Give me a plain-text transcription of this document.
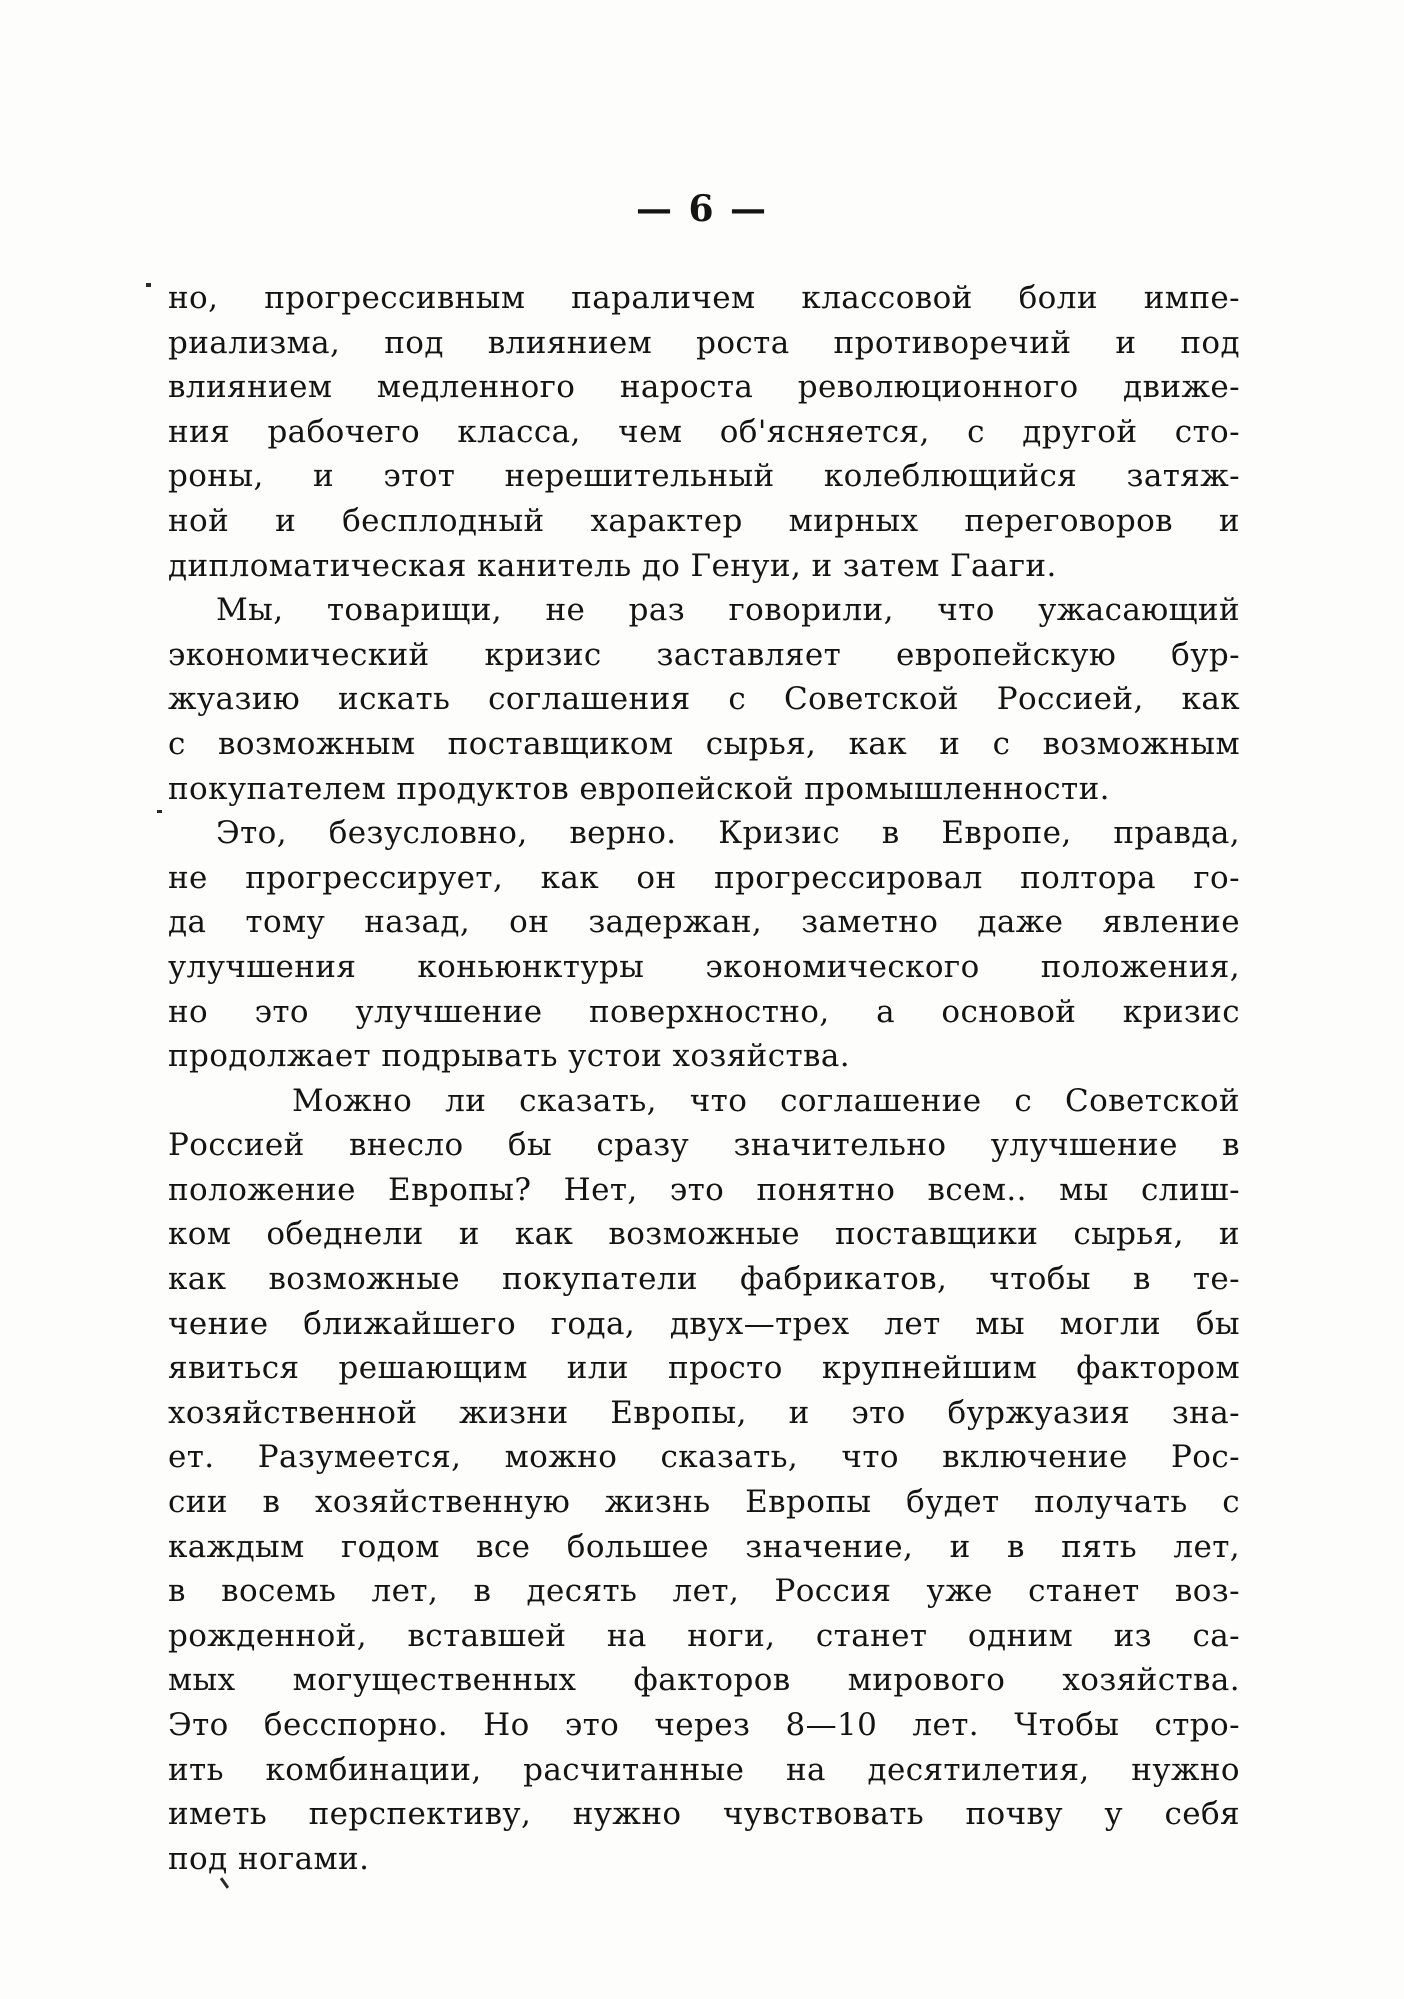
— 6 —
но, прогрессивным параличем классовой боли импе-
риализма, под влиянием роста противоречий и под
влиянием медленного нароста революционного движе-
ния рабочего класса, чем об'ясняется, с другой сто-
роны, и этот нерешительный колеблющийся затяж-
ной и бесплодный характер мирных переговоров и
дипломатическая канитель до Генуи, и затем Гааги.
Мы, товарищи, не раз говорили, что ужасающий
экономический кризис заставляет европейскую бур-
жуазию искать соглашения с Советской Россией, как
с возможным поставщиком сырья, как и с возможным
покупателем продуктов европейской промышленности.
Это, безусловно, верно. Кризис в Европе, правда,
не прогрессирует, как он прогрессировал полтора го-
да тому назад, он задержан, заметно даже явление
улучшения коньюнктуры экономического положения,
но это улучшение поверхностно, а основой кризис
продолжает подрывать устои хозяйства.
Можно ли сказать, что соглашение с Советской
Россией внесло бы сразу значительно улучшение в
положение Европы? Нет, это понятно всем.. мы слиш-
ком обеднели и как возможные поставщики сырья, и
как возможные покупатели фабрикатов, чтобы в те-
чение ближайшего года, двух—трех лет мы могли бы
явиться решающим или просто крупнейшим фактором
хозяйственной жизни Европы, и это буржуазия зна-
ет. Разумеется, можно сказать, что включение Рос-
сии в хозяйственную жизнь Европы будет получать с
каждым годом все большее значение, и в пять лет,
в восемь лет, в десять лет, Россия уже станет воз-
рожденной, вставшей на ноги, станет одним из са-
мых могущественных факторов мирового хозяйства.
Это бесспорно. Но это через 8—10 лет. Чтобы стро-
ить комбинации, расчитанные на десятилетия, нужно
иметь перспективу, нужно чувствовать почву у себя
под ногами.
